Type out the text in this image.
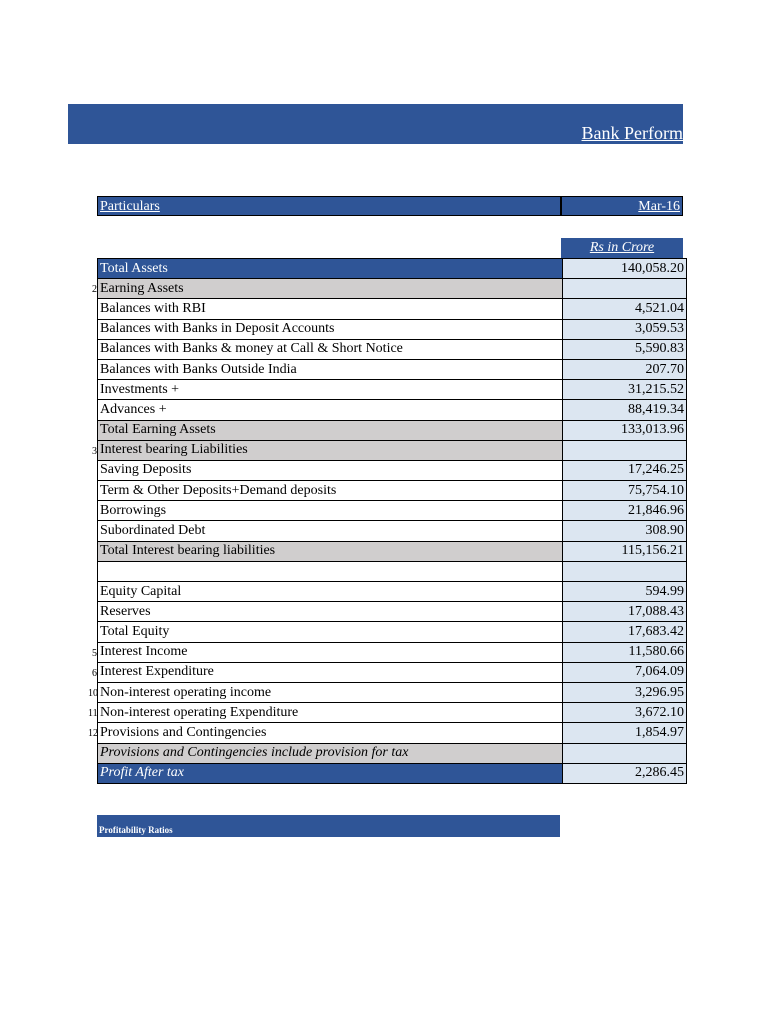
Bank Perform
Particulars	Mar-16
Rs in Crore
1 Total Assets	140,058.20

2 Earning Assets	

Balances with RBI	4,521.04

Balances with Banks in Deposit Accounts	3,059.53

Balances with Banks & money at Call & Short Notice	5,590.83

Balances with Banks Outside India	207.70

Investments +	31,215.52

Advances +	88,419.34

Total Earning Assets	133,013.96

3 Interest bearing Liabilities	

Saving Deposits	17,246.25

Term & Other Deposits+Demand deposits	75,754.10

Borrowings	21,846.96

Subordinated Debt	308.90

Total Interest bearing liabilities	115,156.21

Equity Capital	594.99

Reserves	17,088.43

Total Equity	17,683.42

5 Interest Income	11,580.66

6 Interest Expenditure	7,064.09

10 Non-interest operating income	3,296.95

11 Non-interest operating Expenditure	3,672.10

12 Provisions and Contingencies	1,854.97

Provisions and Contingencies include provision for tax	

Profit After tax	2,286.45
Profitability Ratios
